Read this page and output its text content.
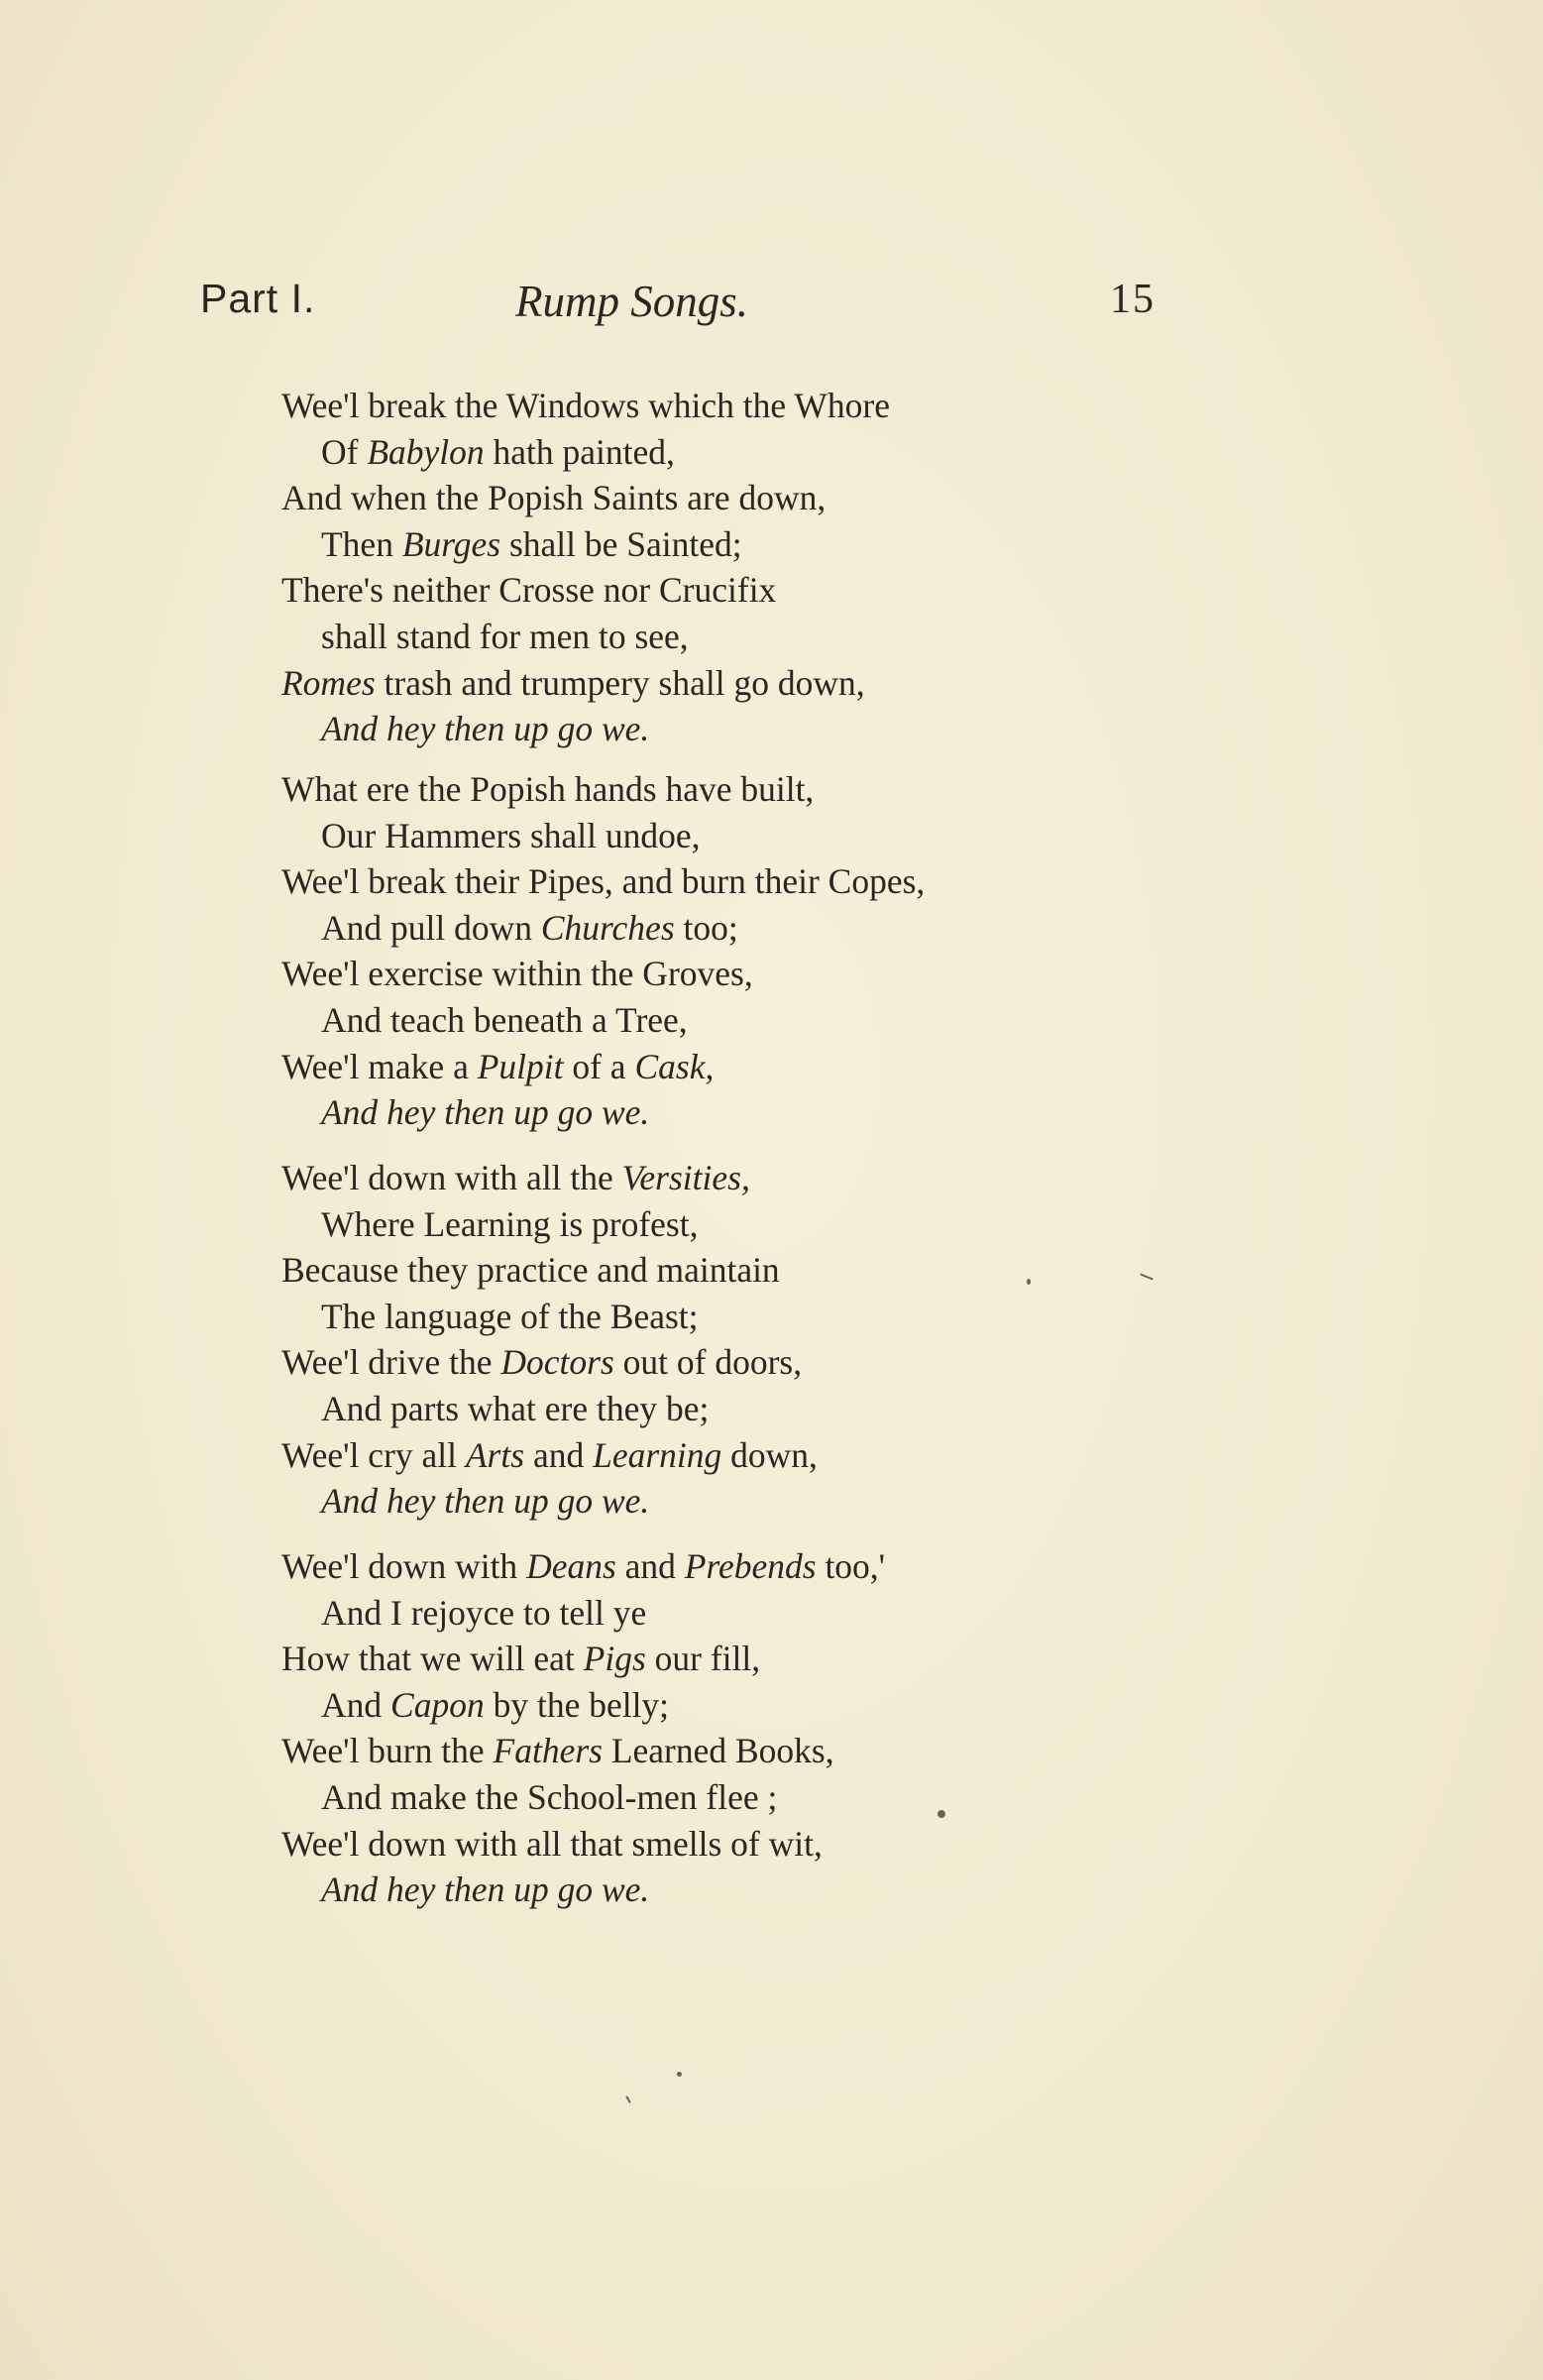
Part I.	Rump Songs.	15
Wee'l break the Windows which the Whore
Of Babylon hath painted,
And when the Popish Saints are down,
Then Burges shall be Sainted;
There's neither Crosse nor Crucifix
shall stand for men to see,
Romes trash and trumpery shall go down,
And hey then up go we.
What ere the Popish hands have built,
Our Hammers shall undoe,
Wee'l break their Pipes, and burn their Copes,
And pull down Churches too;
Wee'l exercise within the Groves,
And teach beneath a Tree,
Wee'l make a Pulpit of a Cask,
And hey then up go we.
Wee'l down with all the Versities,
Where Learning is profest,
Because they practice and maintain
The language of the Beast;
Wee'l drive the Doctors out of doors,
And parts what ere they be;
Wee'l cry all Arts and Learning down,
And hey then up go we.
Wee'l down with Deans and Prebends too,'
And I rejoyce to tell ye
How that we will eat Pigs our fill,
And Capon by the belly;
Wee'l burn the Fathers Learned Books,
And make the School-men flee ;
Wee'l down with all that smells of wit,
And hey then up go we.
